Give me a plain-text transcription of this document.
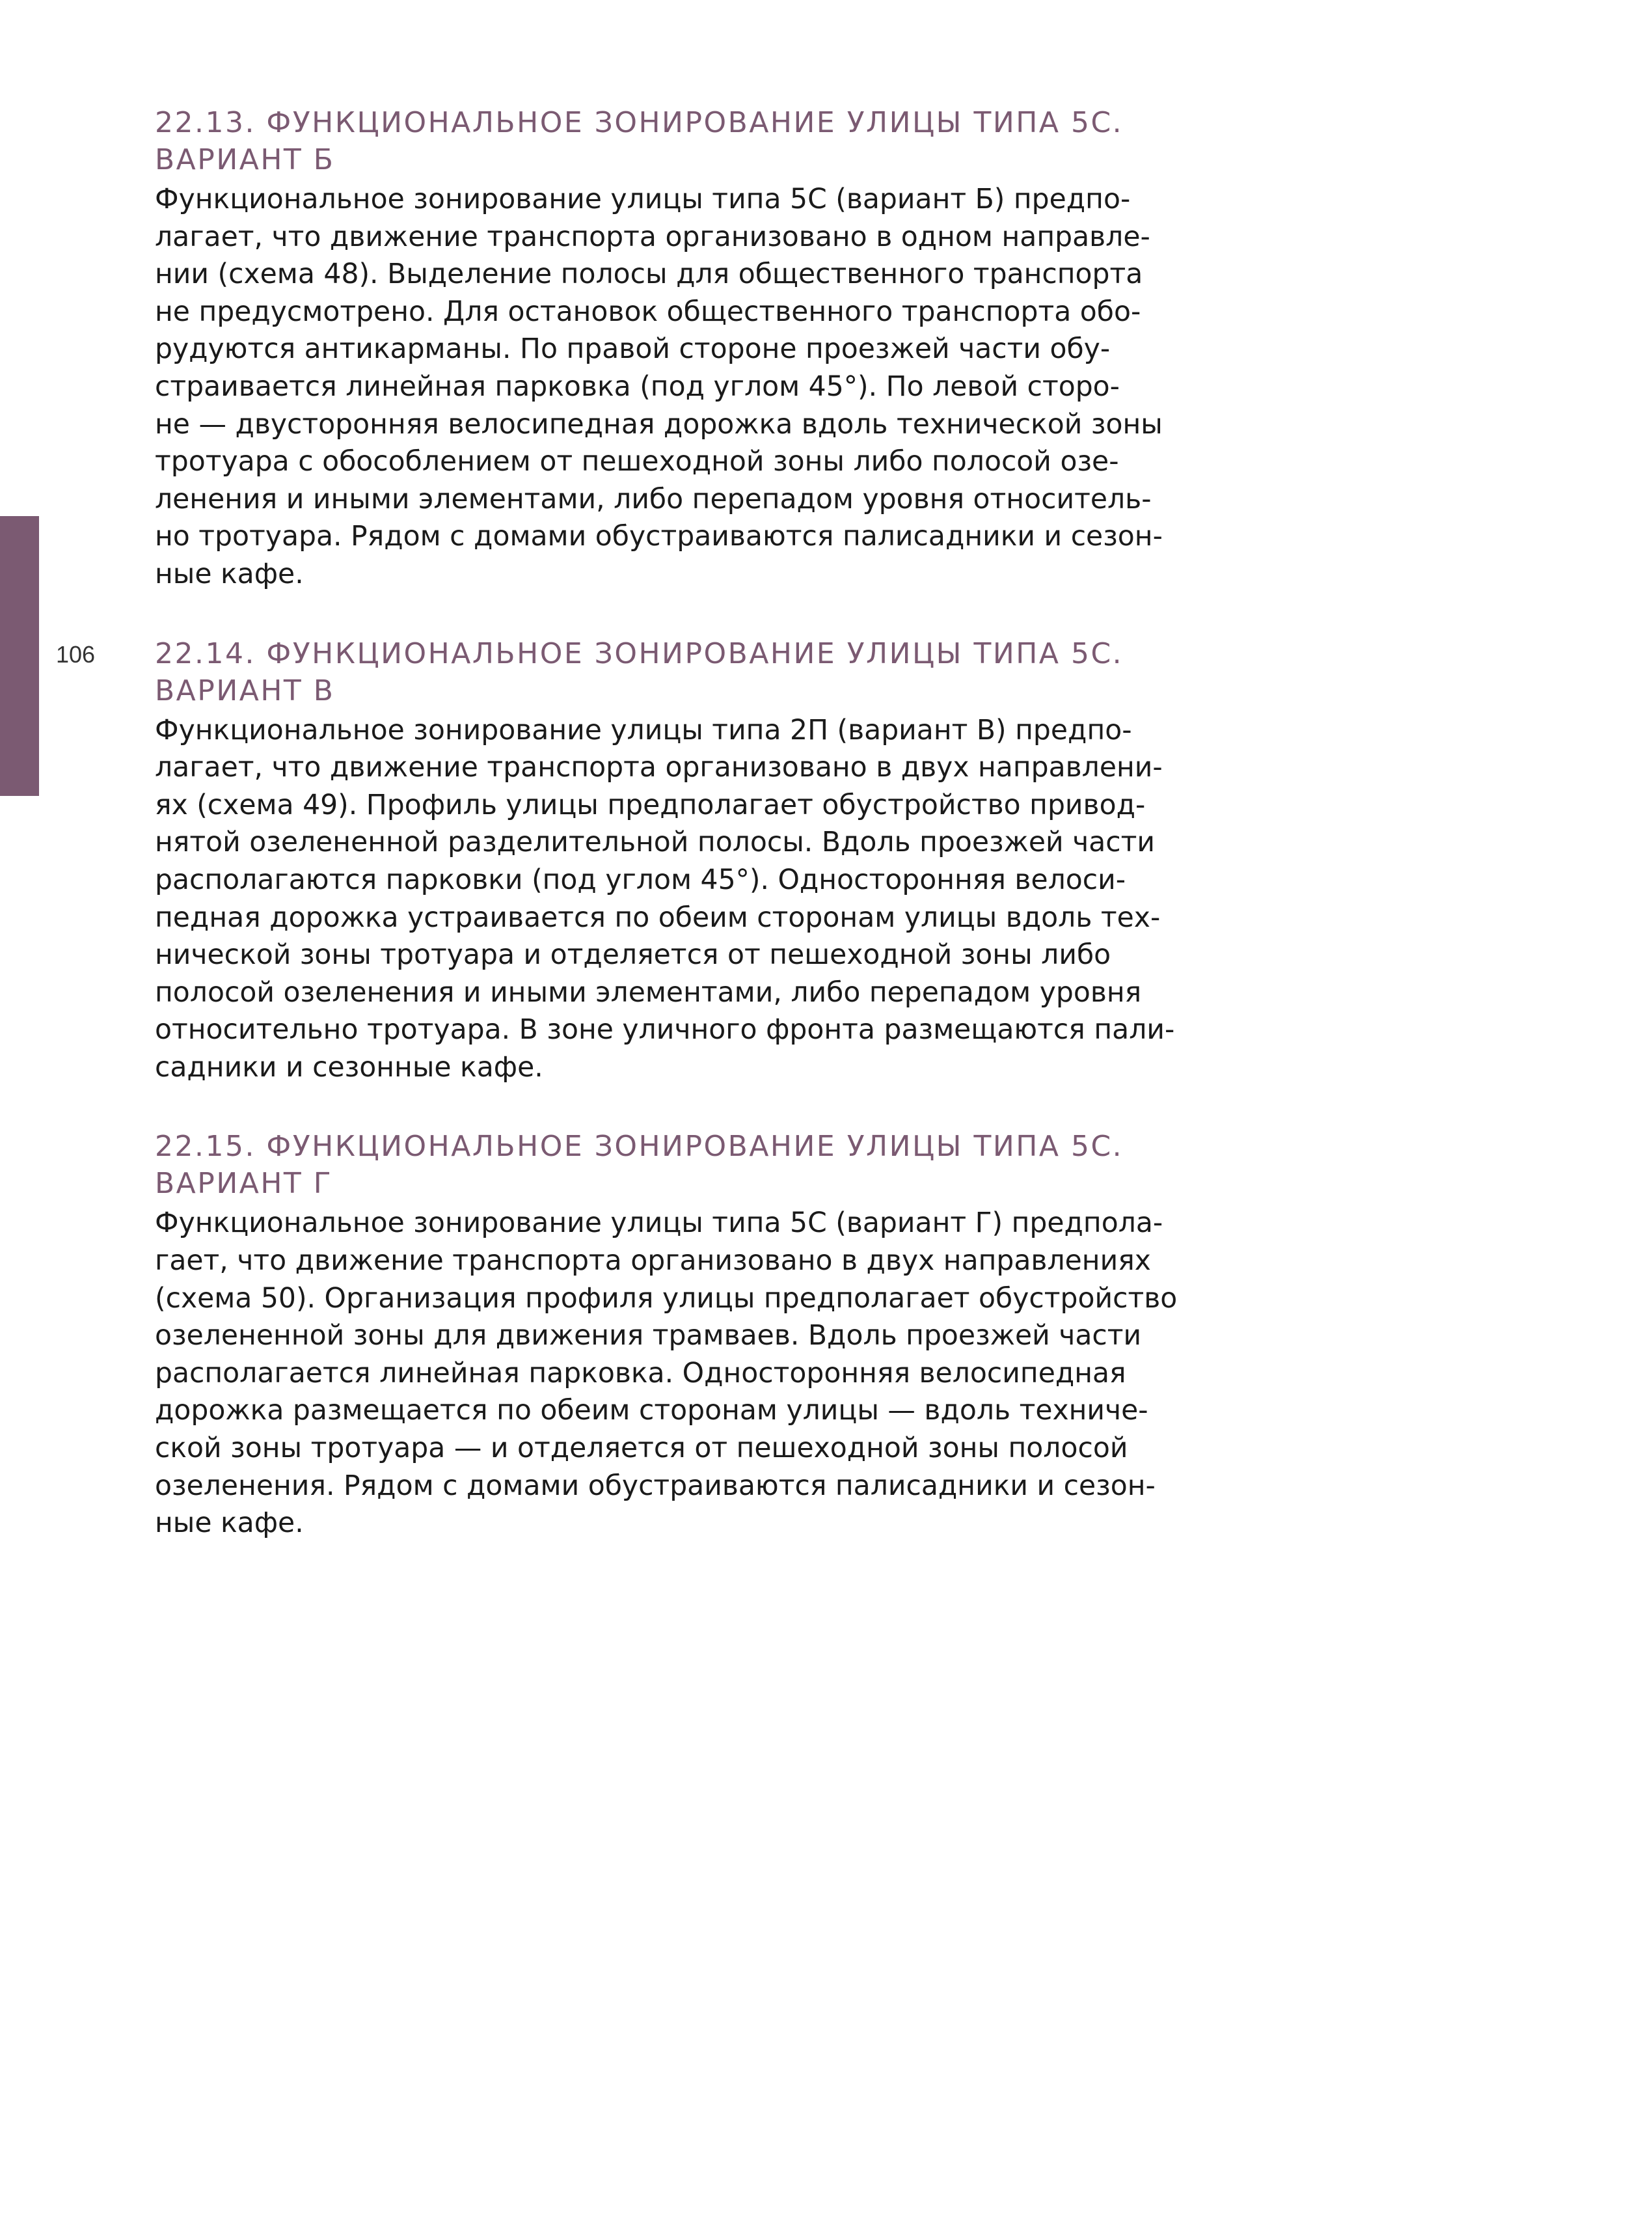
106
22.13. ФУНКЦИОНАЛЬНОЕ ЗОНИРОВАНИЕ УЛИЦЫ ТИПА 5С.
ВАРИАНТ Б

Функциональное зонирование улицы типа 5С (вариант Б) предпо-
лагает, что движение транспорта организовано в одном направле-
нии (схема 48). Выделение полосы для общественного транспорта
не предусмотрено. Для остановок общественного транспорта обо-
рудуются антикарманы. По правой стороне проезжей части обу-
страивается линейная парковка (под углом 45°). По левой сторо-
не — двусторонняя велосипедная дорожка вдоль технической зоны
тротуара с обособлением от пешеходной зоны либо полосой озе-
ленения и иными элементами, либо перепадом уровня относитель-
но тротуара. Рядом с домами обустраиваются палисадники и сезон-
ные кафе.

22.14. ФУНКЦИОНАЛЬНОЕ ЗОНИРОВАНИЕ УЛИЦЫ ТИПА 5С.
ВАРИАНТ В

Функциональное зонирование улицы типа 2П (вариант В) предпо-
лагает, что движение транспорта организовано в двух направлени-
ях (схема 49). Профиль улицы предполагает обустройство привод-
нятой озелененной разделительной полосы. Вдоль проезжей части
располагаются парковки (под углом 45°). Односторонняя велоси-
педная дорожка устраивается по обеим сторонам улицы вдоль тех-
нической зоны тротуара и отделяется от пешеходной зоны либо
полосой озеленения и иными элементами, либо перепадом уровня
относительно тротуара. В зоне уличного фронта размещаются пали-
садники и сезонные кафе.

22.15. ФУНКЦИОНАЛЬНОЕ ЗОНИРОВАНИЕ УЛИЦЫ ТИПА 5С.
ВАРИАНТ Г

Функциональное зонирование улицы типа 5С (вариант Г) предпола-
гает, что движение транспорта организовано в двух направлениях
(схема 50). Организация профиля улицы предполагает обустройство
озелененной зоны для движения трамваев. Вдоль проезжей части
располагается линейная парковка. Односторонняя велосипедная
дорожка размещается по обеим сторонам улицы — вдоль техниче-
ской зоны тротуара — и отделяется от пешеходной зоны полосой
озеленения. Рядом с домами обустраиваются палисадники и сезон-
ные кафе.
